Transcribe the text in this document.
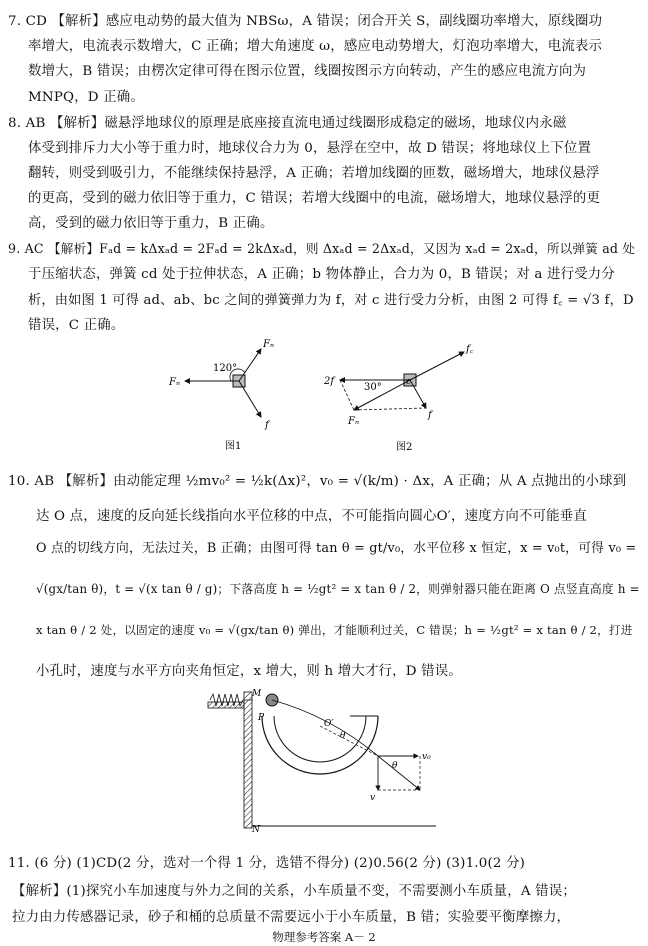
7. CD 【解析】感应电动势的最大值为 NBSω，A 错误；闭合开关 S，副线圈功率增大，原线圈功
率增大，电流表示数增大，C 正确；增大角速度 ω，感应电动势增大，灯泡功率增大，电流表示
数增大，B 错误；由楞次定律可得在图示位置，线圈按图示方向转动，产生的感应电流方向为
MNPQ，D 正确。
8. AB 【解析】磁悬浮地球仪的原理是底座接直流电通过线圈形成稳定的磁场，地球仪内永磁
体受到排斥力大小等于重力时，地球仪合力为 0，悬浮在空中，故 D 错误；将地球仪上下位置
翻转，则受到吸引力，不能继续保持悬浮，A 正确；若增加线圈的匝数，磁场增大，地球仪悬浮
的更高，受到的磁力依旧等于重力，C 错误；若增大线圈中的电流，磁场增大，地球仪悬浮的更
高，受到的磁力依旧等于重力，B 正确。
9. AC 【解析】Fₐd = kΔxₐd = 2Fₐd = 2kΔxₐd，则 Δxₐd = 2Δxₐd，又因为 xₐd = 2xₐd，所以弹簧 ad 处
于压缩状态，弹簧 cd 处于拉伸状态，A 正确；b 物体静止，合力为 0，B 错误；对 a 进行受力分
析，由如图 1 可得 ad、ab、bc 之间的弹簧弹力为 f，对 c 进行受力分析，由图 2 可得 f꜀ = √3 f，D
错误，C 正确。
120°
Fₙ
Fₙ
f
图1
30°
2f
f꜀
Fₙ
f
c
图2
10. AB 【解析】由动能定理 ½mv₀² = ½k(Δx)²，v₀ = √(k/m) · Δx，A 正确；从 A 点抛出的小球到
达 O 点，速度的反向延长线指向水平位移的中点，不可能指向圆心O′，速度方向不可能垂直
O 点的切线方向，无法过关，B 正确；由图可得 tan θ = gt/v₀，水平位移 x 恒定，x = v₀t，可得 v₀ =
√(gx/tan θ)，t = √(x tan θ / g)；下落高度 h = ½gt² = x tan θ / 2，则弹射器只能在距离 O 点竖直高度 h =
x tan θ / 2 处，以固定的速度 v₀ = √(gx/tan θ) 弹出，才能顺利过关，C 错误；h = ½gt² = x tan θ / 2，打进
小孔时，速度与水平方向夹角恒定，x 增大，则 h 增大才行，D 错误。
M
N
P
O′
θ
θ
v₀
v
11. (6 分) (1)CD(2 分，选对一个得 1 分，选错不得分) (2)0.56(2 分) (3)1.0(2 分)
【解析】(1)探究小车加速度与外力之间的关系，小车质量不变，不需要测小车质量，A 错误；
拉力由力传感器记录，砂子和桶的总质量不需要远小于小车质量，B 错；实验要平衡摩擦力，
物理参考答案 A－ 2
